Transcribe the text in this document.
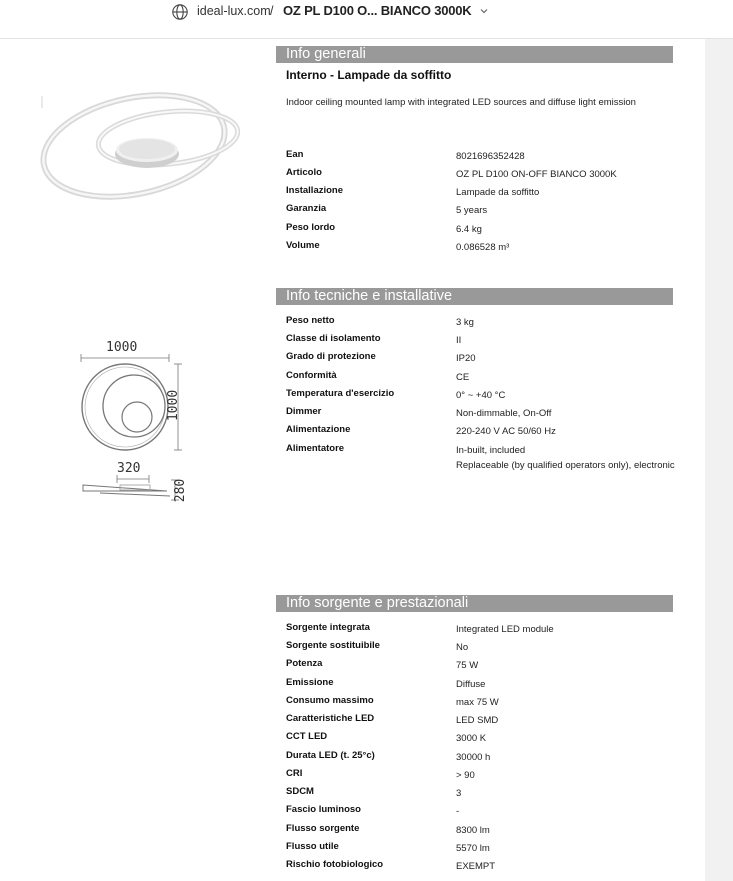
ideal-lux.com / OZ PL D100 O... BIANCO 3000K
1000
1000
320
280
Info generali
Interno - Lampade da soffitto
Indoor ceiling mounted lamp with integrated LED sources and diffuse light emission
Ean	8021696352428
Articolo	OZ PL D100 ON-OFF BIANCO 3000K
Installazione	Lampade da soffitto
Garanzia	5 years
Peso lordo	6.4 kg
Volume	0.086528 m³
Info tecniche e installative
Peso netto	3 kg
Classe di isolamento	II
Grado di protezione	IP20
Conformità	CE
Temperatura d'esercizio	0° ~ +40 °C
Dimmer	Non-dimmable, On-Off
Alimentazione	220-240 V AC 50/60 Hz
Alimentatore	In-built, included
Replaceable (by qualified operators only), electronic
Info sorgente e prestazionali
Sorgente integrata	Integrated LED module
Sorgente sostituibile	No
Potenza	75 W
Emissione	Diffuse
Consumo massimo	max 75 W
Caratteristiche LED	LED SMD
CCT LED	3000 K
Durata LED (t. 25°c)	30000 h
CRI	> 90
SDCM	3
Fascio luminoso	-
Flusso sorgente	8300 lm
Flusso utile	5570 lm
Rischio fotobiologico	EXEMPT
